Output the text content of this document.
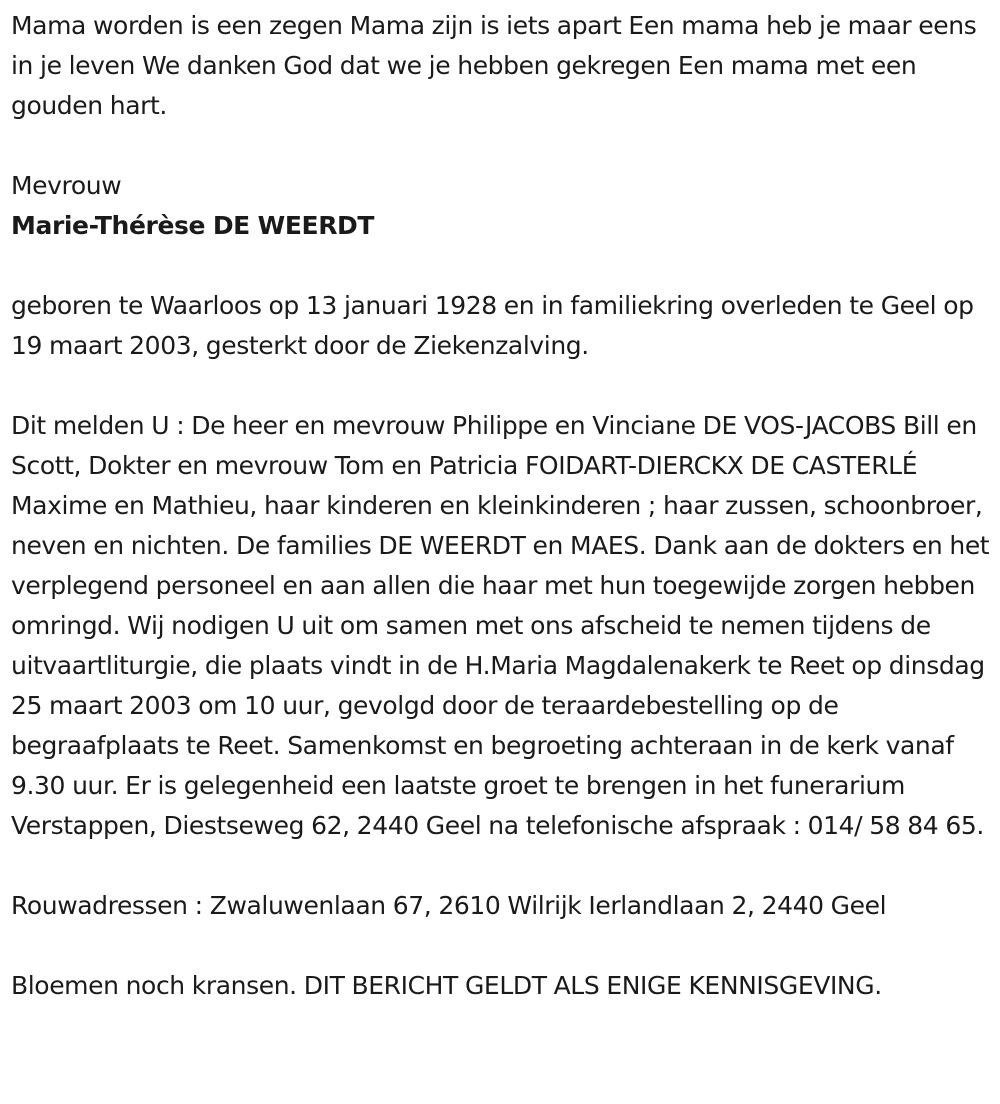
Mama worden is een zegen Mama zijn is iets apart Een mama heb je maar eens in je leven We danken God dat we je hebben gekregen Een mama met een gouden hart.

Mevrouw

Marie-Thérèse DE WEERDT

geboren te Waarloos op 13 januari 1928 en in familiekring overleden te Geel op 19 maart 2003, gesterkt door de Ziekenzalving.

Dit melden U : De heer en mevrouw Philippe en Vinciane DE VOS-JACOBS Bill en Scott, Dokter en mevrouw Tom en Patricia FOIDART-DIERCKX DE CASTERLÉ Maxime en Mathieu, haar kinderen en kleinkinderen ; haar zussen, schoonbroer, neven en nichten. De families DE WEERDT en MAES. Dank aan de dokters en het verplegend personeel en aan allen die haar met hun toegewijde zorgen hebben omringd. Wij nodigen U uit om samen met ons afscheid te nemen tijdens de uitvaartliturgie, die plaats vindt in de H.Maria Magdalenakerk te Reet op dinsdag 25 maart 2003 om 10 uur, gevolgd door de teraardebestelling op de begraafplaats te Reet. Samenkomst en begroeting achteraan in de kerk vanaf 9.30 uur. Er is gelegenheid een laatste groet te brengen in het funerarium Verstappen, Diestseweg 62, 2440 Geel na telefonische afspraak : 014/ 58 84 65.

Rouwadressen : Zwaluwenlaan 67, 2610 Wilrijk Ierlandlaan 2, 2440 Geel

Bloemen noch kransen. DIT BERICHT GELDT ALS ENIGE KENNISGEVING.
